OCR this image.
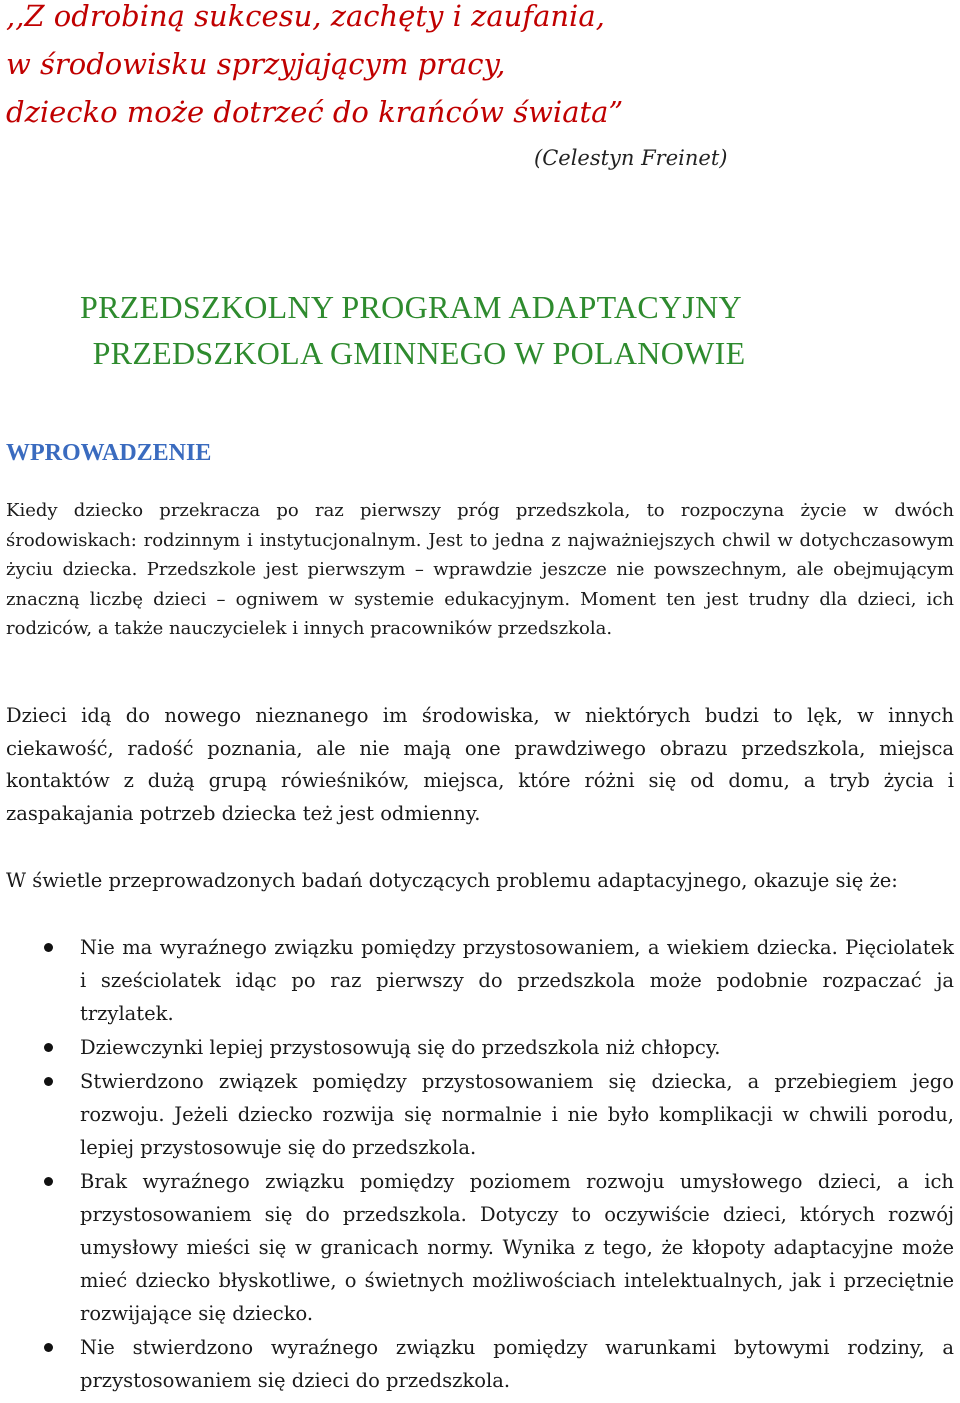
,,Z odrobiną sukcesu, zachęty i zaufania,

w środowisku sprzyjającym pracy,

dziecko może dotrzeć do krańców świata”

(Celestyn Freinet)

PRZEDSZKOLNY PROGRAM ADAPTACYJNY

PRZEDSZKOLA GMINNEGO W POLANOWIE

WPROWADZENIE

Kiedy dziecko przekracza po raz pierwszy próg przedszkola, to rozpoczyna życie w dwóch środowiskach: rodzinnym i instytucjonalnym. Jest to jedna z najważniejszych chwil w dotychczasowym życiu dziecka. Przedszkole jest pierwszym – wprawdzie jeszcze nie powszechnym, ale obejmującym znaczną liczbę dzieci – ogniwem w systemie edukacyjnym. Moment ten jest trudny dla dzieci, ich rodziców, a także nauczycielek i innych pracowników przedszkola.

Dzieci idą do nowego nieznanego im środowiska, w niektórych budzi to lęk, w innych ciekawość, radość poznania, ale nie mają one prawdziwego obrazu przedszkola, miejsca kontaktów z dużą grupą rówieśników, miejsca, które różni się od domu, a tryb życia i zaspakajania potrzeb dziecka też jest odmienny.

W świetle przeprowadzonych badań dotyczących problemu adaptacyjnego, okazuje się że:

Nie ma wyraźnego związku pomiędzy przystosowaniem, a wiekiem dziecka. Pięciolatek i sześciolatek idąc po raz pierwszy do przedszkola może podobnie rozpaczać ja trzylatek.
Dziewczynki lepiej przystosowują się do przedszkola niż chłopcy.
Stwierdzono związek pomiędzy przystosowaniem się dziecka, a przebiegiem jego rozwoju. Jeżeli dziecko rozwija się normalnie i nie było komplikacji w chwili porodu, lepiej przystosowuje się do przedszkola.
Brak wyraźnego związku pomiędzy poziomem rozwoju umysłowego dzieci, a ich przystosowaniem się do przedszkola. Dotyczy to oczywiście dzieci, których rozwój umysłowy mieści się w granicach normy. Wynika z tego, że kłopoty adaptacyjne może mieć dziecko błyskotliwe, o świetnych możliwościach intelektualnych, jak i przeciętnie rozwijające się dziecko.
Nie stwierdzono wyraźnego związku pomiędzy warunkami bytowymi rodziny, a przystosowaniem się dzieci do przedszkola.
